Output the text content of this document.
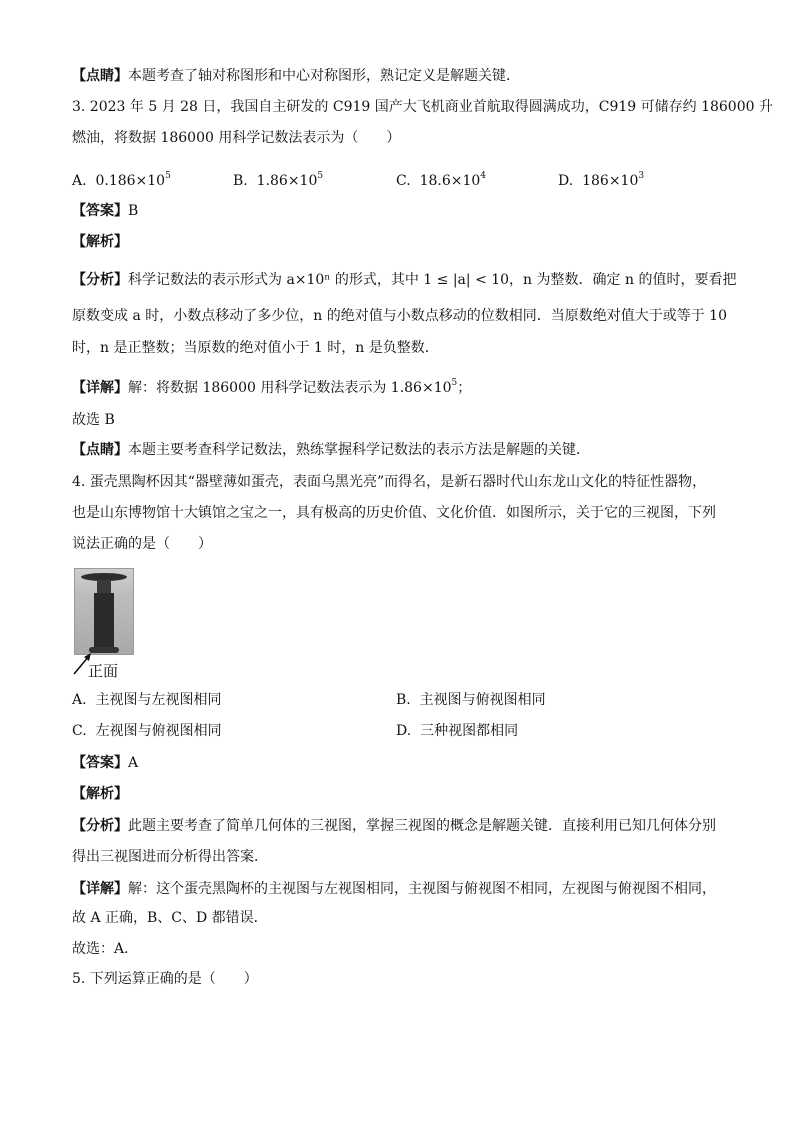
【点睛】本题考查了轴对称图形和中心对称图形，熟记定义是解题关键．
3. 2023 年 5 月 28 日，我国自主研发的 C919 国产大飞机商业首航取得圆满成功，C919 可储存约 186000 升
燃油，将数据 186000 用科学记数法表示为（　　）
A. $0.186\times 10^5$	B. $1.86\times 10^5$	C. $18.6\times 10^4$	D. $186\times 10^3$
【答案】B
【解析】
【分析】科学记数法的表示形式为 a×10ⁿ 的形式，其中 1 ≤ |a| < 10，n 为整数．确定 n 的值时，要看把
原数变成 a 时，小数点移动了多少位，n 的绝对值与小数点移动的位数相同．当原数绝对值大于或等于 10
时，n 是正整数；当原数的绝对值小于 1 时，n 是负整数．
【详解】解：将数据 186000 用科学记数法表示为 $1.86\times 10^5$；
故选 B
【点睛】本题主要考查科学记数法，熟练掌握科学记数法的表示方法是解题的关键．
4. 蛋壳黑陶杯因其“器壁薄如蛋壳，表面乌黑光亮”而得名，是新石器时代山东龙山文化的特征性器物，
也是山东博物馆十大镇馆之宝之一，具有极高的历史价值、文化价值．如图所示，关于它的三视图，下列
说法正确的是（　　）
正面
A. 主视图与左视图相同	B. 主视图与俯视图相同
C. 左视图与俯视图相同	D. 三种视图都相同
【答案】A
【解析】
【分析】此题主要考查了简单几何体的三视图，掌握三视图的概念是解题关键．直接利用已知几何体分别
得出三视图进而分析得出答案．
【详解】解：这个蛋壳黑陶杯的主视图与左视图相同，主视图与俯视图不相同，左视图与俯视图不相同，
故 A 正确，B、C、D 都错误．
故选：A．
5. 下列运算正确的是（　　）
